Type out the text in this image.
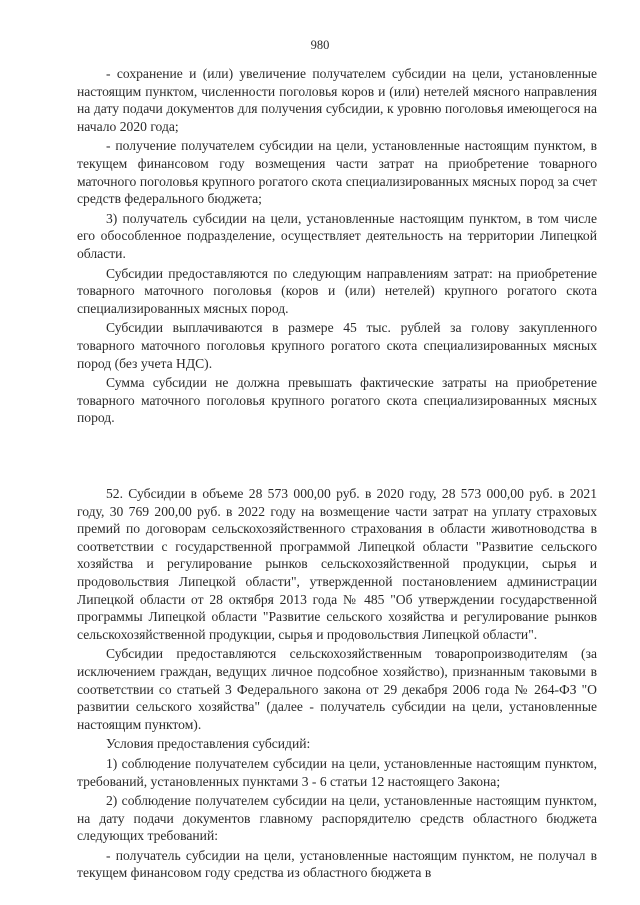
980

- сохранение и (или) увеличение получателем субсидии на цели, установленные настоящим пунктом, численности поголовья коров и (или) нетелей мясного направления на дату подачи документов для получения субсидии, к уровню поголовья имеющегося на начало 2020 года;

- получение получателем субсидии на цели, установленные настоящим пунктом, в текущем финансовом году возмещения части затрат на приобретение товарного маточного поголовья крупного рогатого скота специализированных мясных пород за счет средств федерального бюджета;

3) получатель субсидии на цели, установленные настоящим пунктом, в том числе его обособленное подразделение, осуществляет деятельность на территории Липецкой области.

Субсидии предоставляются по следующим направлениям затрат: на приобретение товарного маточного поголовья (коров и (или) нетелей) крупного рогатого скота специализированных мясных пород.

Субсидии выплачиваются в размере 45 тыс. рублей за голову закупленного товарного маточного поголовья крупного рогатого скота специализированных мясных пород (без учета НДС).

Сумма субсидии не должна превышать фактические затраты на приобретение товарного маточного поголовья крупного рогатого скота специализированных мясных пород.

52. Субсидии в объеме 28 573 000,00 руб. в 2020 году, 28 573 000,00 руб. в 2021 году, 30 769 200,00 руб. в 2022 году на возмещение части затрат на уплату страховых премий по договорам сельскохозяйственного страхования в области животноводства в соответствии с государственной программой Липецкой области "Развитие сельского хозяйства и регулирование рынков сельскохозяйственной продукции, сырья и продовольствия Липецкой области", утвержденной постановлением администрации Липецкой области от 28 октября 2013 года № 485 "Об утверждении государственной программы Липецкой области "Развитие сельского хозяйства и регулирование рынков сельскохозяйственной продукции, сырья и продовольствия Липецкой области".

Субсидии предоставляются сельскохозяйственным товаропроизводителям (за исключением граждан, ведущих личное подсобное хозяйство), признанным таковыми в соответствии со статьей 3 Федерального закона от 29 декабря 2006 года № 264-ФЗ "О развитии сельского хозяйства" (далее - получатель субсидии на цели, установленные настоящим пунктом).

Условия предоставления субсидий:

1) соблюдение получателем субсидии на цели, установленные настоящим пунктом, требований, установленных пунктами 3 - 6 статьи 12 настоящего Закона;

2) соблюдение получателем субсидии на цели, установленные настоящим пунктом, на дату подачи документов главному распорядителю средств областного бюджета следующих требований:

- получатель субсидии на цели, установленные настоящим пунктом, не получал в текущем финансовом году средства из областного бюджета в
